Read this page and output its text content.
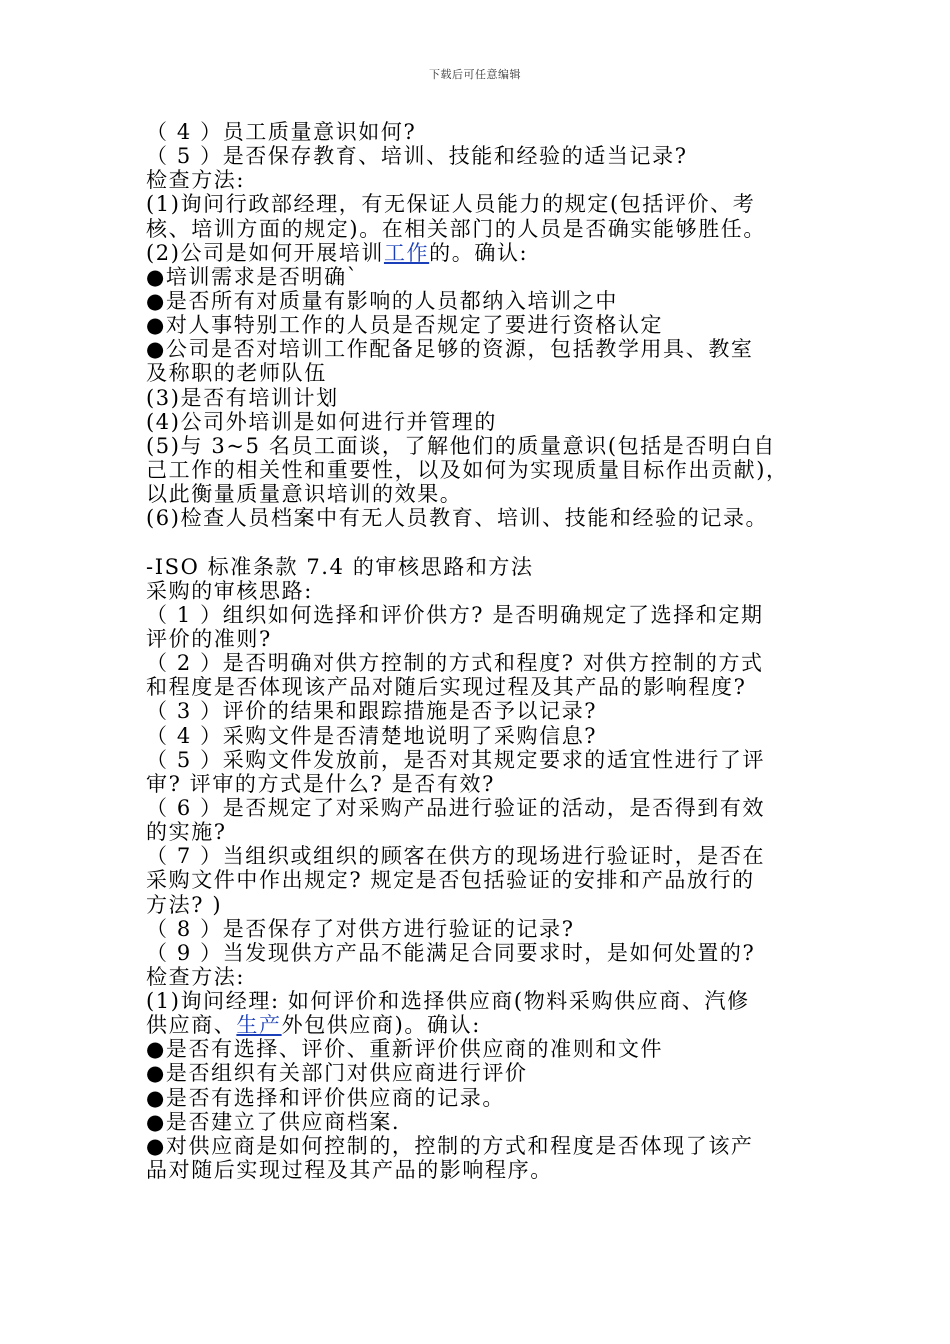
下载后可任意编辑
（ 4 ）员工质量意识如何?
（ 5 ）是否保存教育、培训、技能和经验的适当记录?
检查方法:
(1)询问行政部经理，有无保证人员能力的规定(包括评价、考
核、培训方面的规定)。在相关部门的人员是否确实能够胜任。
(2)公司是如何开展培训工作的。确认:
●培训需求是否明确`
●是否所有对质量有影响的人员都纳入培训之中
●对人事特别工作的人员是否规定了要进行资格认定
●公司是否对培训工作配备足够的资源，包括教学用具、教室
及称职的老师队伍
(3)是否有培训计划
(4)公司外培训是如何进行并管理的
(5)与 3~5 名员工面谈，了解他们的质量意识(包括是否明白自
己工作的相关性和重要性，以及如何为实现质量目标作出贡献)，
以此衡量质量意识培训的效果。
(6)检查人员档案中有无人员教育、培训、技能和经验的记录。
-ISO 标准条款 7.4 的审核思路和方法
采购的审核思路:
（ 1 ）组织如何选择和评价供方? 是否明确规定了选择和定期
评价的准则?
（ 2 ）是否明确对供方控制的方式和程度? 对供方控制的方式
和程度是否体现该产品对随后实现过程及其产品的影响程度?
（ 3 ）评价的结果和跟踪措施是否予以记录?
（ 4 ）采购文件是否清楚地说明了采购信息?
（ 5 ）采购文件发放前，是否对其规定要求的适宜性进行了评
审? 评审的方式是什么? 是否有效?
（ 6 ）是否规定了对采购产品进行验证的活动，是否得到有效
的实施?
（ 7 ）当组织或组织的顾客在供方的现场进行验证时，是否在
采购文件中作出规定? 规定是否包括验证的安排和产品放行的
方法? )
（ 8 ）是否保存了对供方进行验证的记录?
（ 9 ）当发现供方产品不能满足合同要求时，是如何处置的?
检查方法:
(1)询问经理: 如何评价和选择供应商(物料采购供应商、汽修
供应商、生产外包供应商)。确认:
●是否有选择、评价、重新评价供应商的准则和文件
●是否组织有关部门对供应商进行评价
●是否有选择和评价供应商的记录。
●是否建立了供应商档案.
●对供应商是如何控制的，控制的方式和程度是否体现了该产
品对随后实现过程及其产品的影响程序。
